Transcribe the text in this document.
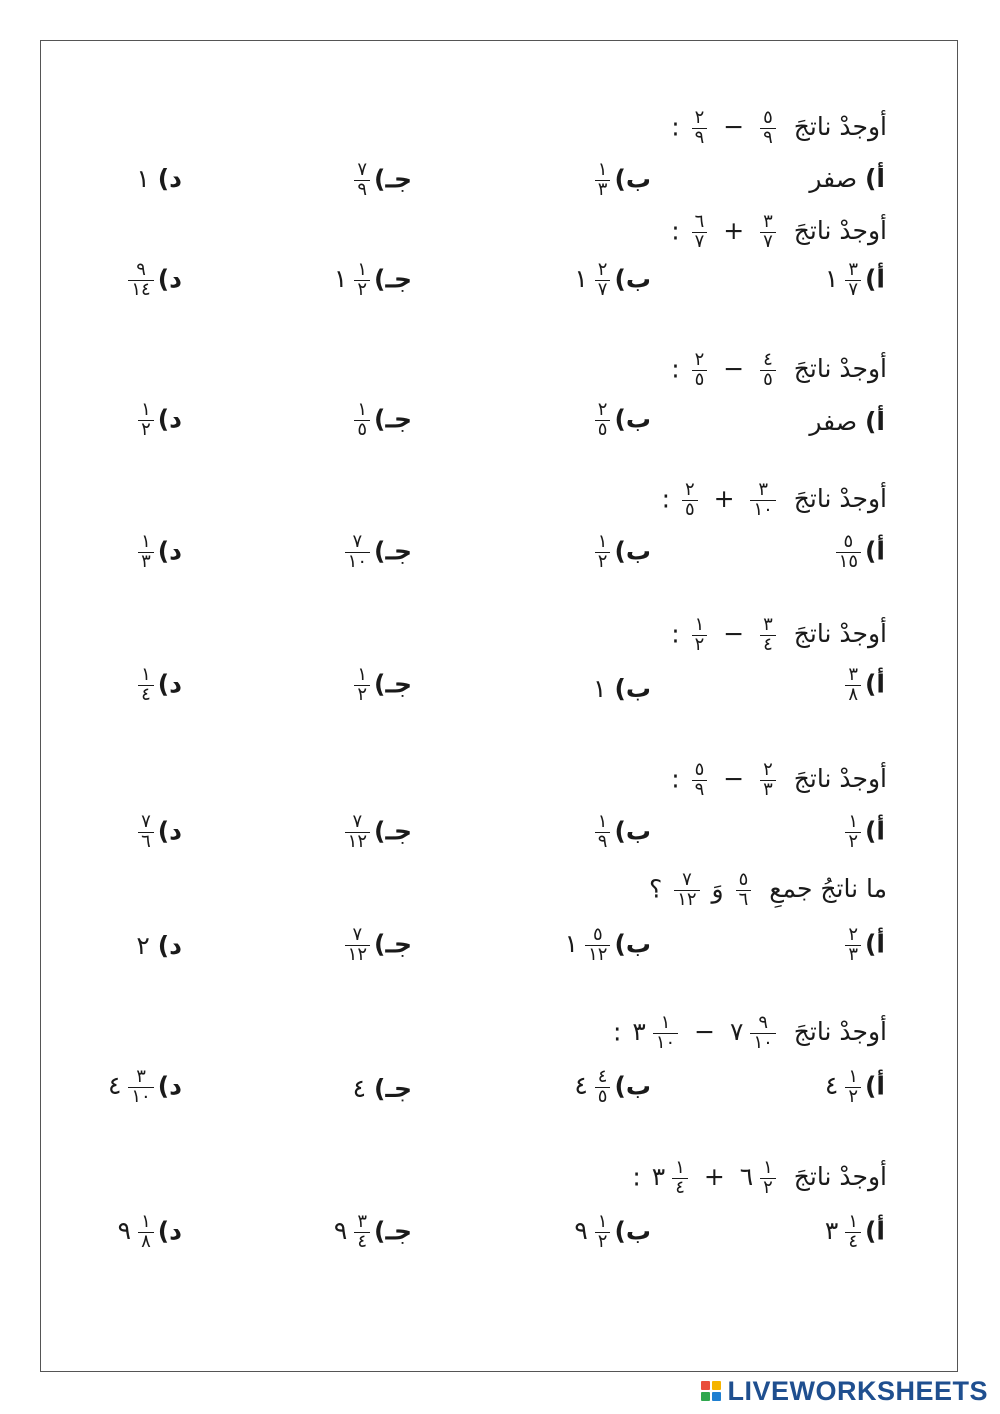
أوجدْ ناتجَ
$\frac{٥}{٩}$
−
$\frac{٢}{٩}$
:
أ) صفر
ب)
$\frac{١}{٣}$
جـ)
$\frac{٧}{٩}$
د) ١
أوجدْ ناتجَ
$\frac{٣}{٧}$
+
$\frac{٦}{٧}$
:
أ)
$\frac{٣}{٧}$
١
ب)
$\frac{٢}{٧}$
١
جـ)
$\frac{١}{٢}$
١
د)
$\frac{٩}{١٤}$
أوجدْ ناتجَ
$\frac{٤}{٥}$
−
$\frac{٢}{٥}$
:
أ) صفر
ب)
$\frac{٢}{٥}$
جـ)
$\frac{١}{٥}$
د)
$\frac{١}{٢}$
أوجدْ ناتجَ
$\frac{٣}{١٠}$
+
$\frac{٢}{٥}$
:
أ)
$\frac{٥}{١٥}$
ب)
$\frac{١}{٢}$
جـ)
$\frac{٧}{١٠}$
د)
$\frac{١}{٣}$
أوجدْ ناتجَ
$\frac{٣}{٤}$
−
$\frac{١}{٢}$
:
أ)
$\frac{٣}{٨}$
ب) ١
جـ)
$\frac{١}{٢}$
د)
$\frac{١}{٤}$
أوجدْ ناتجَ
$\frac{٢}{٣}$
−
$\frac{٥}{٩}$
:
أ)
$\frac{١}{٢}$
ب)
$\frac{١}{٩}$
جـ)
$\frac{٧}{١٢}$
د)
$\frac{٧}{٦}$
ما ناتجُ جمعِ
$\frac{٥}{٦}$
وَ
$\frac{٧}{١٢}$
؟
أ)
$\frac{٢}{٣}$
ب)
$\frac{٥}{١٢}$
١
جـ)
$\frac{٧}{١٢}$
د) ٢
أوجدْ ناتجَ
$\frac{٩}{١٠}$
٧ −
$\frac{١}{١٠}$
٣ :
أ)
$\frac{١}{٢}$
٤
ب)
$\frac{٤}{٥}$
٤
جـ) ٤
د)
$\frac{٣}{١٠}$
٤
أوجدْ ناتجَ
$\frac{١}{٢}$
٦ +
$\frac{١}{٤}$
٣ :
أ)
$\frac{١}{٤}$
٣
ب)
$\frac{١}{٢}$
٩
جـ)
$\frac{٣}{٤}$
٩
د)
$\frac{١}{٨}$
٩
LIVEWORKSHEETS
